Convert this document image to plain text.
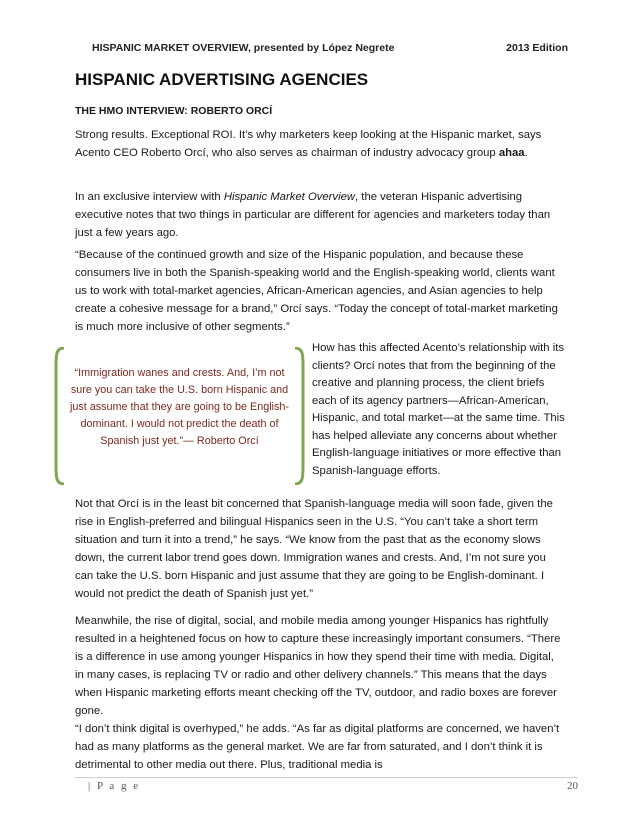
HISPANIC MARKET OVERVIEW, presented by López Negrete	2013 Edition
HISPANIC ADVERTISING AGENCIES
THE HMO INTERVIEW: ROBERTO ORCÍ

Strong results. Exceptional ROI. It’s why marketers keep looking at the Hispanic market, says Acento CEO Roberto Orcí, who also serves as chairman of industry advocacy group ahaa.

In an exclusive interview with Hispanic Market Overview, the veteran Hispanic advertising executive notes that two things in particular are different for agencies and marketers today than just a few years ago.

“Because of the continued growth and size of the Hispanic population, and because these consumers live in both the Spanish-speaking world and the English-speaking world, clients want us to work with total-market agencies, African-American agencies, and Asian agencies to help create a cohesive message for a brand,” Orcí says. “Today the concept of total-market marketing is much more inclusive of other segments.”

“Immigration wanes and crests. And, I’m not sure you can take the U.S. born Hispanic and just assume that they are going to be English-dominant. I would not predict the death of Spanish just yet.”— Roberto Orcí
How has this affected Acento’s relationship with its clients? Orcí notes that from the beginning of the creative and planning process, the client briefs each of its agency partners—African-American, Hispanic, and total market—at the same time. This has helped alleviate any concerns about whether English-language initiatives or more effective than Spanish-language efforts.

Not that Orcí is in the least bit concerned that Spanish-language media will soon fade, given the rise in English-preferred and bilingual Hispanics seen in the U.S. “You can’t take a short term situation and turn it into a trend,” he says. “We know from the past that as the economy slows down, the current labor trend goes down. Immigration wanes and crests. And, I’m not sure you can take the U.S. born Hispanic and just assume that they are going to be English-dominant. I would not predict the death of Spanish just yet.”

Meanwhile, the rise of digital, social, and mobile media among younger Hispanics has rightfully resulted in a heightened focus on how to capture these increasingly important consumers. “There is a difference in use among younger Hispanics in how they spend their time with media. Digital, in many cases, is replacing TV or radio and other delivery channels.” This means that the days when Hispanic marketing efforts meant checking off the TV, outdoor, and radio boxes are forever gone.

“I don’t think digital is overhyped,” he adds. “As far as digital platforms are concerned, we haven’t had as many platforms as the general market. We are far from saturated, and I don’t think it is detrimental to other media out there. Plus, traditional media is

| P a g e	20
